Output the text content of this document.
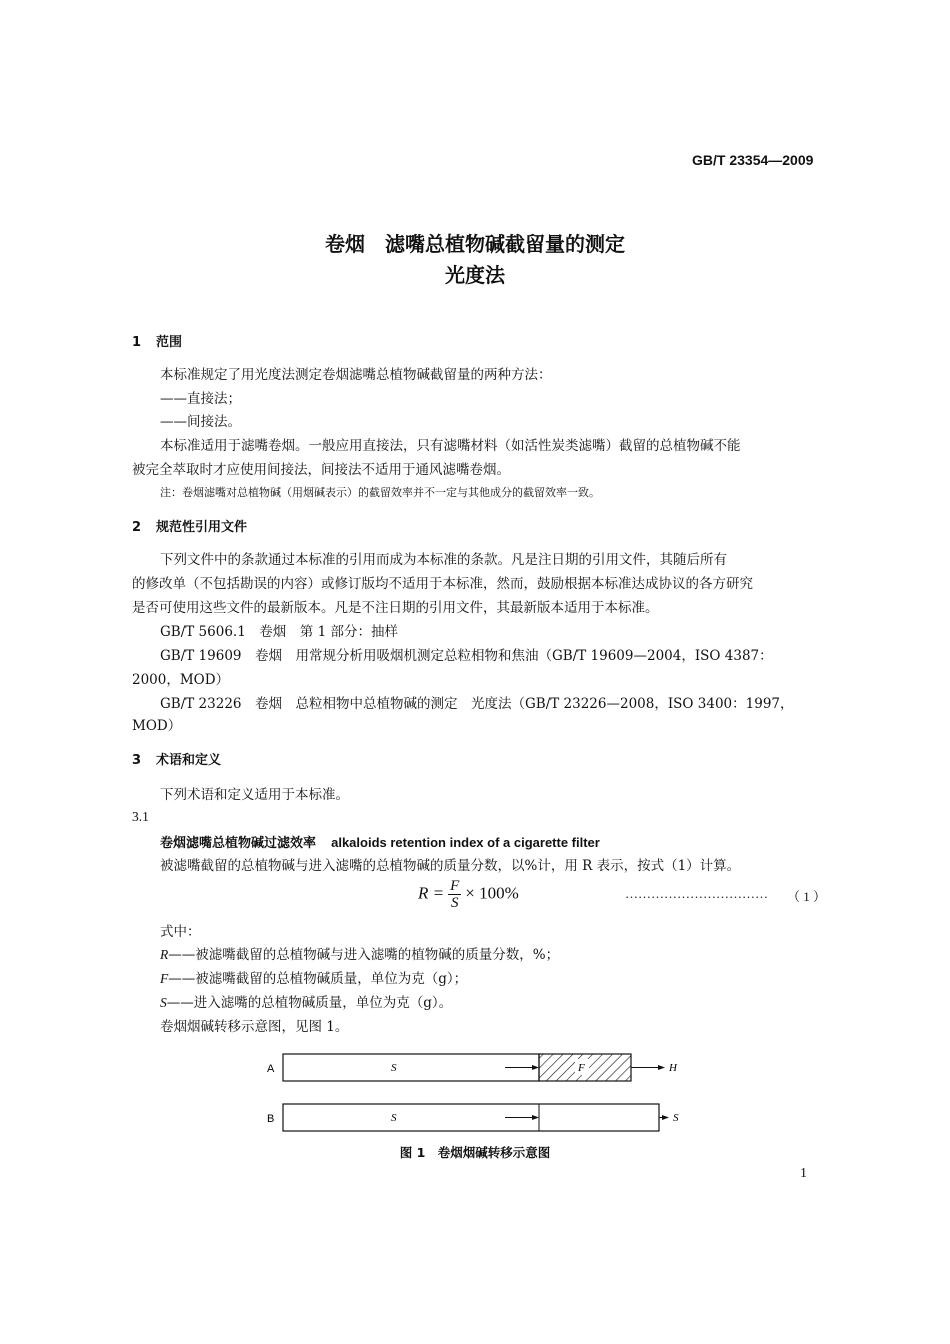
GB/T 23354—2009
卷烟　滤嘴总植物碱截留量的测定
光度法
1 范围
本标准规定了用光度法测定卷烟滤嘴总植物碱截留量的两种方法：
——直接法；
——间接法。
本标准适用于滤嘴卷烟。一般应用直接法，只有滤嘴材料（如活性炭类滤嘴）截留的总植物碱不能
被完全萃取时才应使用间接法，间接法不适用于通风滤嘴卷烟。
注：卷烟滤嘴对总植物碱（用烟碱表示）的截留效率并不一定与其他成分的截留效率一致。
2 规范性引用文件
下列文件中的条款通过本标准的引用而成为本标准的条款。凡是注日期的引用文件，其随后所有
的修改单（不包括勘误的内容）或修订版均不适用于本标准，然而，鼓励根据本标准达成协议的各方研究
是否可使用这些文件的最新版本。凡是不注日期的引用文件，其最新版本适用于本标准。
GB/T 5606.1　卷烟　第 1 部分：抽样
GB/T 19609　卷烟　用常规分析用吸烟机测定总粒相物和焦油（GB/T 19609—2004，ISO 4387：
2000，MOD）
GB/T 23226　卷烟　总粒相物中总植物碱的测定　光度法（GB/T 23226—2008，ISO 3400：1997，
MOD）
3 术语和定义
下列术语和定义适用于本标准。
3.1
卷烟滤嘴总植物碱过滤效率 alkaloids retention index of a cigarette filter
被滤嘴截留的总植物碱与进入滤嘴的总植物碱的质量分数，以%计，用 R 表示，按式（1）计算。
$R = \frac{F}{S} \times 100\%$	…………………………… （ 1 ）
式中：
R——被滤嘴截留的总植物碱与进入滤嘴的植物碱的质量分数，%；
F——被滤嘴截留的总植物碱质量，单位为克（g）；
S——进入滤嘴的总植物碱质量，单位为克（g）。
卷烟烟碱转移示意图，见图 1。
A	S	F	H
B	S	S
图 1　卷烟烟碱转移示意图
1
